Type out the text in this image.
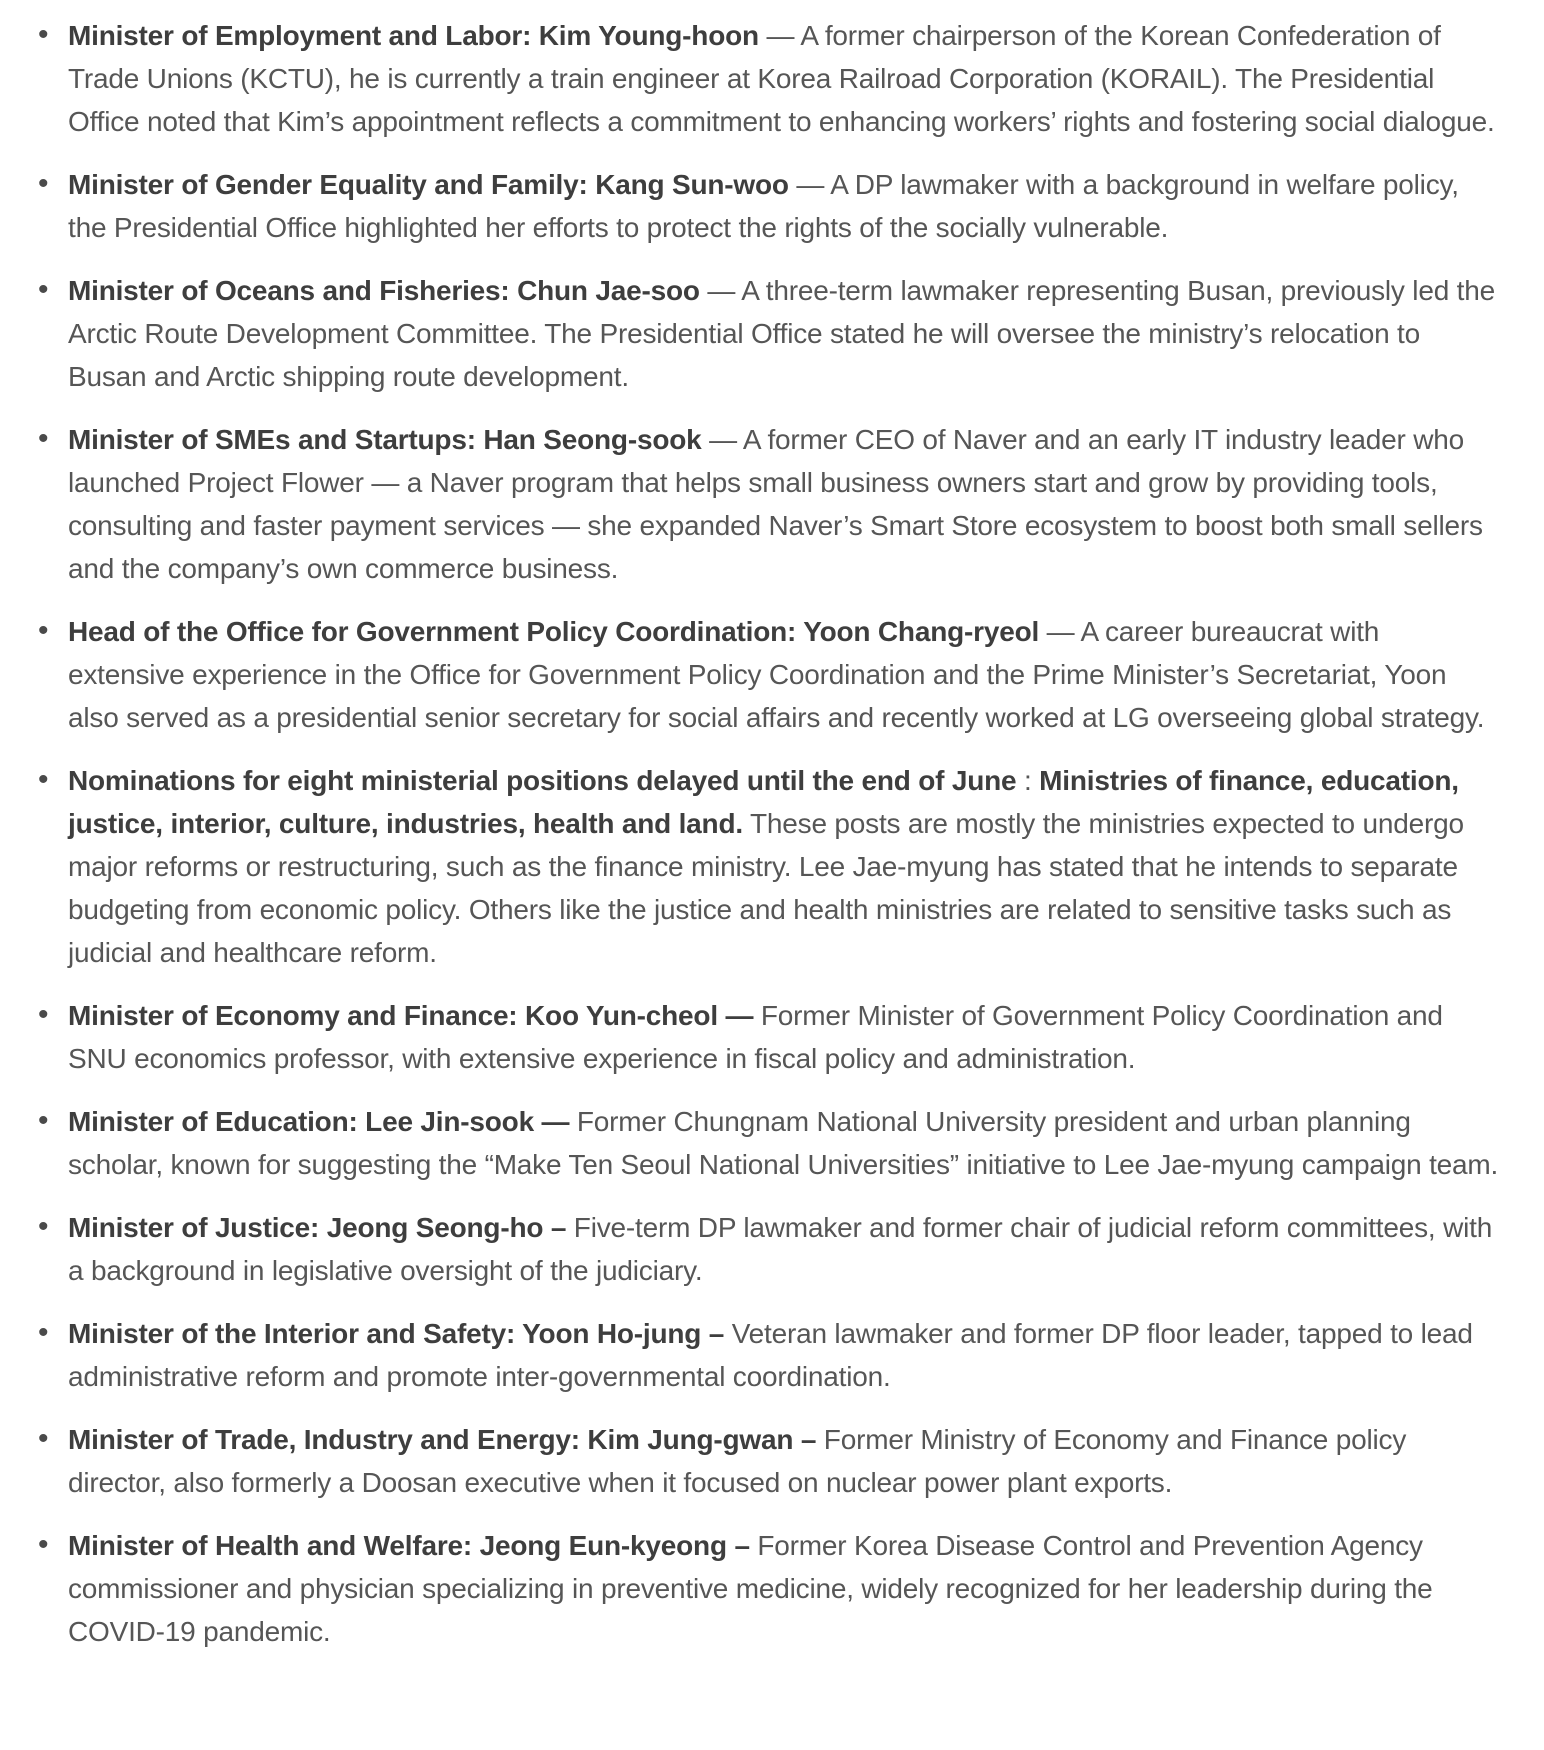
• Minister of Employment and Labor: Kim Young-hoon — A former chairperson of the Korean Confederation of Trade Unions (KCTU), he is currently a train engineer at Korea Railroad Corporation (KORAIL). The Presidential Office noted that Kim’s appointment reflects a commitment to enhancing workers’ rights and fostering social dialogue.
• Minister of Gender Equality and Family: Kang Sun-woo — A DP lawmaker with a background in welfare policy, the Presidential Office highlighted her efforts to protect the rights of the socially vulnerable.
• Minister of Oceans and Fisheries: Chun Jae-soo — A three-term lawmaker representing Busan, previously led the Arctic Route Development Committee. The Presidential Office stated he will oversee the ministry’s relocation to Busan and Arctic shipping route development.
• Minister of SMEs and Startups: Han Seong-sook — A former CEO of Naver and an early IT industry leader who launched Project Flower — a Naver program that helps small business owners start and grow by providing tools, consulting and faster payment services — she expanded Naver’s Smart Store ecosystem to boost both small sellers and the company’s own commerce business.
• Head of the Office for Government Policy Coordination: Yoon Chang-ryeol — A career bureaucrat with extensive experience in the Office for Government Policy Coordination and the Prime Minister’s Secretariat, Yoon also served as a presidential senior secretary for social affairs and recently worked at LG overseeing global strategy.
• Nominations for eight ministerial positions delayed until the end of June : Ministries of finance, education, justice, interior, culture, industries, health and land. These posts are mostly the ministries expected to undergo major reforms or restructuring, such as the finance ministry. Lee Jae-myung has stated that he intends to separate budgeting from economic policy. Others like the justice and health ministries are related to sensitive tasks such as judicial and healthcare reform.
• Minister of Economy and Finance: Koo Yun-cheol — Former Minister of Government Policy Coordination and SNU economics professor, with extensive experience in fiscal policy and administration.
• Minister of Education: Lee Jin-sook — Former Chungnam National University president and urban planning scholar, known for suggesting the “Make Ten Seoul National Universities” initiative to Lee Jae-myung campaign team.
• Minister of Justice: Jeong Seong-ho – Five-term DP lawmaker and former chair of judicial reform committees, with a background in legislative oversight of the judiciary.
• Minister of the Interior and Safety: Yoon Ho-jung – Veteran lawmaker and former DP floor leader, tapped to lead administrative reform and promote inter-governmental coordination.
• Minister of Trade, Industry and Energy: Kim Jung-gwan – Former Ministry of Economy and Finance policy director, also formerly a Doosan executive when it focused on nuclear power plant exports.
• Minister of Health and Welfare: Jeong Eun-kyeong – Former Korea Disease Control and Prevention Agency commissioner and physician specializing in preventive medicine, widely recognized for her leadership during the COVID-19 pandemic.
